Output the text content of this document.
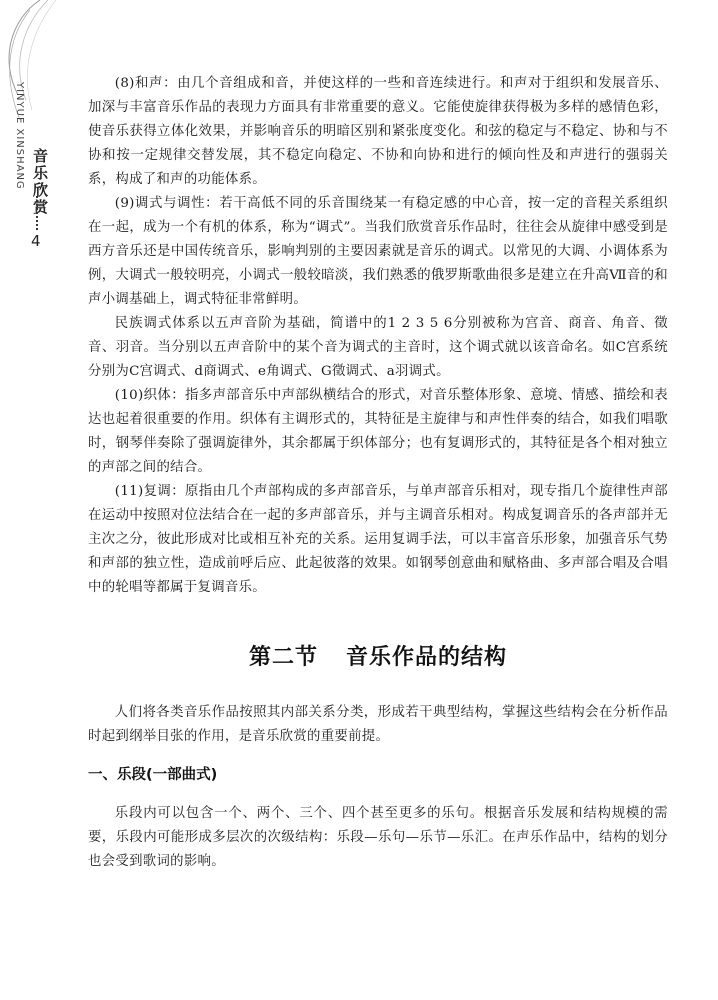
YINYUE XINSHANG 音乐欣赏
4

(8)和声：由几个音组成和音，并使这样的一些和音连续进行。和声对于组织和发展音乐、加深与丰富音乐作品的表现力方面具有非常重要的意义。它能使旋律获得极为多样的感情色彩，使音乐获得立体化效果，并影响音乐的明暗区别和紧张度变化。和弦的稳定与不稳定、协和与不协和按一定规律交替发展，其不稳定向稳定、不协和向协和进行的倾向性及和声进行的强弱关系，构成了和声的功能体系。

(9)调式与调性：若干高低不同的乐音围绕某一有稳定感的中心音，按一定的音程关系组织在一起，成为一个有机的体系，称为“调式”。当我们欣赏音乐作品时，往往会从旋律中感受到是西方音乐还是中国传统音乐，影响判别的主要因素就是音乐的调式。以常见的大调、小调体系为例，大调式一般较明亮，小调式一般较暗淡，我们熟悉的俄罗斯歌曲很多是建立在升高Ⅶ音的和声小调基础上，调式特征非常鲜明。

民族调式体系以五声音阶为基础，简谱中的1 2 3 5 6分别被称为宫音、商音、角音、徵音、羽音。当分别以五声音阶中的某个音为调式的主音时，这个调式就以该音命名。如C宫系统分别为C宫调式、d商调式、e角调式、G徵调式、a羽调式。

(10)织体：指多声部音乐中声部纵横结合的形式，对音乐整体形象、意境、情感、描绘和表达也起着很重要的作用。织体有主调形式的，其特征是主旋律与和声性伴奏的结合，如我们唱歌时，钢琴伴奏除了强调旋律外，其余都属于织体部分；也有复调形式的，其特征是各个相对独立的声部之间的结合。

(11)复调：原指由几个声部构成的多声部音乐，与单声部音乐相对，现专指几个旋律性声部在运动中按照对位法结合在一起的多声部音乐，并与主调音乐相对。构成复调音乐的各声部并无主次之分，彼此形成对比或相互补充的关系。运用复调手法，可以丰富音乐形象，加强音乐气势和声部的独立性，造成前呼后应、此起彼落的效果。如钢琴创意曲和赋格曲、多声部合唱及合唱中的轮唱等都属于复调音乐。

第二节 音乐作品的结构

人们将各类音乐作品按照其内部关系分类，形成若干典型结构，掌握这些结构会在分析作品时起到纲举目张的作用，是音乐欣赏的重要前提。

一、乐段(一部曲式)

乐段内可以包含一个、两个、三个、四个甚至更多的乐句。根据音乐发展和结构规模的需要，乐段内可能形成多层次的次级结构：乐段—乐句—乐节—乐汇。在声乐作品中，结构的划分也会受到歌词的影响。
